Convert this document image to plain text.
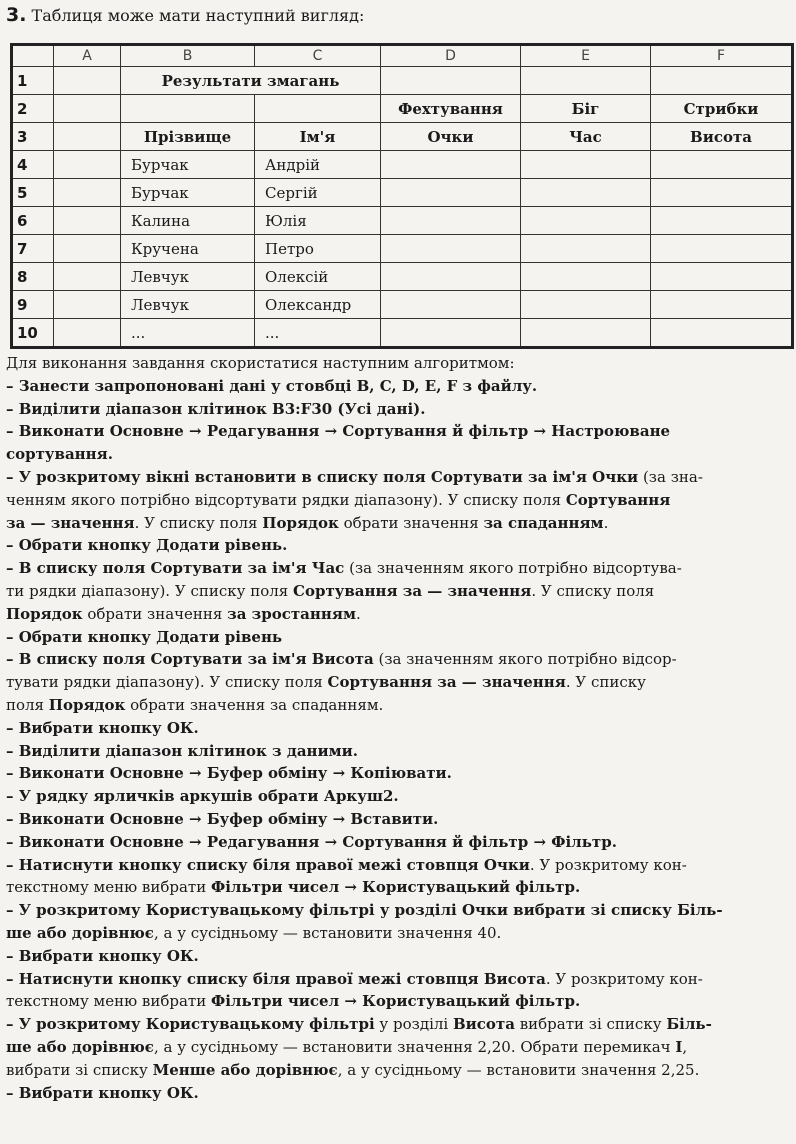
3. Таблиця може мати наступний вигляд:
	A	B	C	D	E	F
1		Результати змагань				
2				Фехтування	Біг	Стрибки
3		Прізвище	Ім'я	Очки	Час	Висота
4		Бурчак	Андрій			
5		Бурчак	Сергій			
6		Калина	Юлія			
7		Кручена	Петро			
8		Левчук	Олексій			
9		Левчук	Олександр			
10		...	...			

Для виконання завдання скористатися наступним алгоритмом:

– Занести запропоновані дані у стовбці B, C, D, E, F з файлу.

– Виділити діапазон клітинок B3:F30 (Усі дані).

– Виконати Основне → Редагування → Сортування й фільтр → Настроюване

сортування.

– У розкритому вікні встановити в списку поля Сортувати за ім'я Очки (за зна-

ченням якого потрібно відсортувати рядки діапазону). У списку поля Сортування

за — значення. У списку поля Порядок обрати значення за спаданням.

– Обрати кнопку Додати рівень.

– В списку поля Сортувати за ім'я Час (за значенням якого потрібно відсортува-

ти рядки діапазону). У списку поля Сортування за — значення. У списку поля

Порядок обрати значення за зростанням.

– Обрати кнопку Додати рівень

– В списку поля Сортувати за ім'я Висота (за значенням якого потрібно відсор-

тувати рядки діапазону). У списку поля Сортування за — значення. У списку

поля Порядок обрати значення за спаданням.

– Вибрати кнопку ОК.

– Виділити діапазон клітинок з даними.

– Виконати Основне → Буфер обміну → Копіювати.

– У рядку ярличків аркушів обрати Аркуш2.

– Виконати Основне → Буфер обміну → Вставити.

– Виконати Основне → Редагування → Сортування й фільтр → Фільтр.

– Натиснути кнопку списку біля правої межі стовпця Очки. У розкритому кон-

текстному меню вибрати Фільтри чисел → Користувацький фільтр.

– У розкритому Користувацькому фільтрі у розділі Очки вибрати зі списку Біль-

ше або дорівнює, а у сусідньому — встановити значення 40.

– Вибрати кнопку ОК.

– Натиснути кнопку списку біля правої межі стовпця Висота. У розкритому кон-

текстному меню вибрати Фільтри чисел → Користувацький фільтр.

– У розкритому Користувацькому фільтрі у розділі Висота вибрати зі списку Біль-

ше або дорівнює, а у сусідньому — встановити значення 2,20. Обрати перемикач І,

вибрати зі списку Менше або дорівнює, а у сусідньому — встановити значення 2,25.

– Вибрати кнопку ОК.
